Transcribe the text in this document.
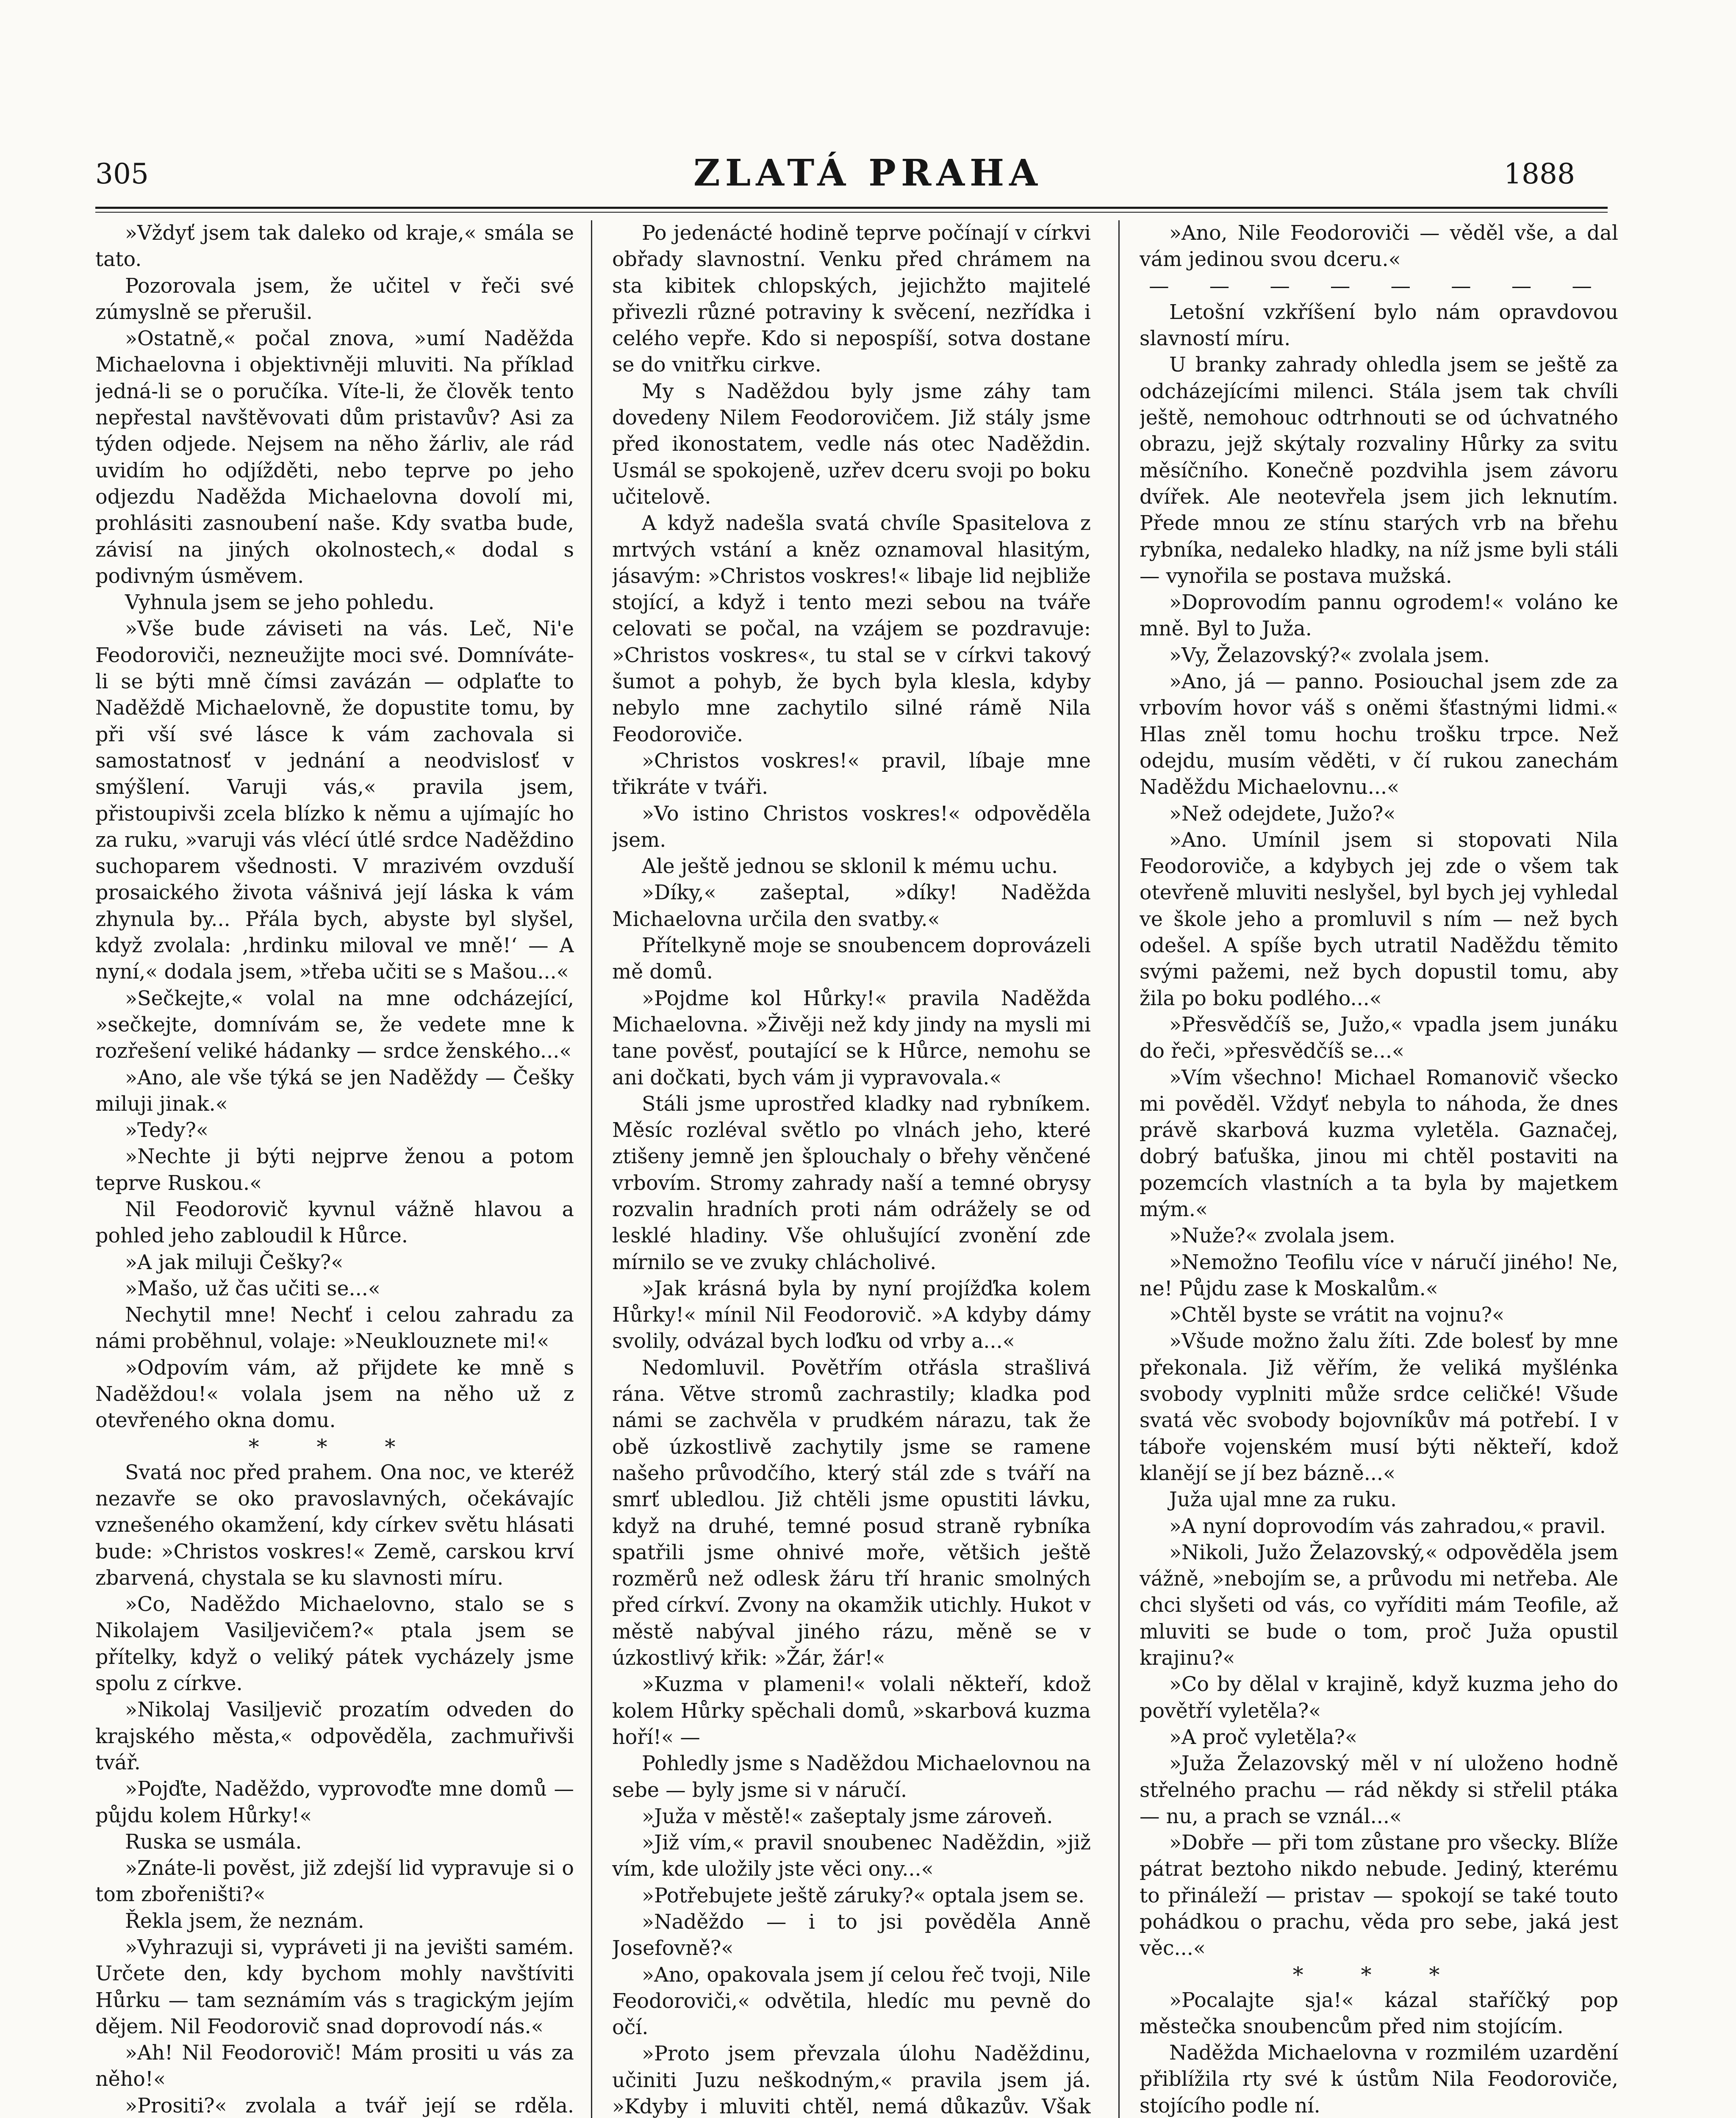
305	ZLATÁ PRAHA	1888

»Vždyť jsem tak daleko od kraje,« smála se tato.

Pozorovala jsem, že učitel v řeči své zúmyslně se přerušil.

»Ostatně,« počal znova, »umí Naděžda Michaelovna i objektivněji mluviti. Na příklad jedná-li se o poručíka. Víte-li, že člověk tento nepřestal navštěvovati dům pristavův? Asi za týden odjede. Nejsem na něho žárliv, ale rád uvidím ho odjížděti, nebo teprve po jeho odjezdu Naděžda Michaelovna dovolí mi, prohlásiti zasnoubení naše. Kdy svatba bude, závisí na jiných okolnostech,« dodal s podivným úsměvem.

Vyhnula jsem se jeho pohledu.

»Vše bude záviseti na vás. Leč, Ni'e Feodoroviči, nezneužijte moci své. Domníváte-li se býti mně čímsi zavázán — odplaťte to Naděždě Michaelovně, že dopustite tomu, by při vší své lásce k vám zachovala si samostatnosť v jednání a neodvislosť v smýšlení. Varuji vás,« pravila jsem, přistoupivši zcela blízko k němu a ujímajíc ho za ruku, »varuji vás vlécí útlé srdce Naděždino suchoparem všednosti. V mrazivém ovzduší prosaického života vášnivá její láska k vám zhynula by... Přála bych, abyste byl slyšel, když zvolala: ‚hrdinku miloval ve mně!‘ — A nyní,« dodala jsem, »třeba učiti se s Mašou...«

»Sečkejte,« volal na mne odcházející, »sečkejte, domnívám se, že vedete mne k rozřešení veliké hádanky — srdce ženského...«

»Ano, ale vše týká se jen Naděždy — Češky miluji jinak.«

»Tedy?«

»Nechte ji býti nejprve ženou a potom teprve Ruskou.«

Nil Feodorovič kyvnul vážně hlavou a pohled jeho zabloudil k Hůrce.

»A jak miluji Češky?«

»Mašo, už čas učiti se...«

Nechytil mne! Nechť i celou zahradu za námi proběhnul, volaje: »Neuklouznete mi!«

»Odpovím vám, až přijdete ke mně s Naděždou!« volala jsem na něho už z otevřeného okna domu.

* * *

Svatá noc před prahem. Ona noc, ve kteréž nezavře se oko pravoslavných, očekávajíc vznešeného okamžení, kdy církev světu hlásati bude: »Christos voskres!« Země, carskou krví zbarvená, chystala se ku slavnosti míru.

»Co, Naděždo Michaelovno, stalo se s Nikolajem Vasiljevičem?« ptala jsem se přítelky, když o veliký pátek vycházely jsme spolu z církve.

»Nikolaj Vasiljevič prozatím odveden do krajského města,« odpověděla, zachmuřivši tvář.

»Pojďte, Naděždo, vyprovoďte mne domů — půjdu kolem Hůrky!«

Ruska se usmála.

»Znáte-li pověst, již zdejší lid vypravuje si o tom zbořeništi?«

Řekla jsem, že neznám.

»Vyhrazuji si, vypráveti ji na jevišti samém. Určete den, kdy bychom mohly navštíviti Hůrku — tam seznámím vás s tragickým jejím dějem. Nil Feodorovič snad doprovodí nás.«

»Ah! Nil Feodorovič! Mám prositi u vás za něho!«

»Prositi?« zvolala a tvář její se rděla.

Po jedenácté hodině teprve počínají v církvi obřady slavnostní. Venku před chrámem na sta kibitek chlopských, jejichžto majitelé přivezli různé potraviny k svěcení, nezřídka i celého vepře. Kdo si nepospíší, sotva dostane se do vnitřku cirkve.

My s Naděždou byly jsme záhy tam dovedeny Nilem Feodorovičem. Již stály jsme před ikonostatem, vedle nás otec Naděždin. Usmál se spokojeně, uzřev dceru svoji po boku učitelově.

A když nadešla svatá chvíle Spasitelova z mrtvých vstání a kněz oznamoval hlasitým, jásavým: »Christos voskres!« libaje lid nejbliže stojící, a když i tento mezi sebou na tváře celovati se počal, na vzájem se pozdravuje: »Christos voskres«, tu stal se v církvi takový šumot a pohyb, že bych byla klesla, kdyby nebylo mne zachytilo silné rámě Nila Feodoroviče.

»Christos voskres!« pravil, líbaje mne třikráte v tváři.

»Vo istino Christos voskres!« odpověděla jsem.

Ale ještě jednou se sklonil k mému uchu.

»Díky,« zašeptal, »díky! Naděžda Michaelovna určila den svatby.«

Přítelkyně moje se snoubencem doprovázeli mě domů.

»Pojdme kol Hůrky!« pravila Naděžda Michaelovna. »Živěji než kdy jindy na mysli mi tane pověsť, poutající se k Hůrce, nemohu se ani dočkati, bych vám ji vypravovala.«

Stáli jsme uprostřed kladky nad rybníkem. Měsíc rozléval světlo po vlnách jeho, které ztišeny jemně jen šplouchaly o břehy věnčené vrbovím. Stromy zahrady naší a temné obrysy rozvalin hradních proti nám odrážely se od lesklé hladiny. Vše ohlušující zvonění zde mírnilo se ve zvuky chlácholivé.

»Jak krásná byla by nyní projížďka kolem Hůrky!« mínil Nil Feodorovič. »A kdyby dámy svolily, odvázal bych loďku od vrby a...«

Nedomluvil. Povětřím otřásla strašlivá rána. Větve stromů zachrastily; kladka pod námi se zachvěla v prudkém nárazu, tak že obě úzkostlivě zachytily jsme se ramene našeho průvodčího, který stál zde s tváří na smrť ubledlou. Již chtěli jsme opustiti lávku, když na druhé, temné posud straně rybníka spatřili jsme ohnivé moře, většich ještě rozměrů než odlesk žáru tří hranic smolných před církví. Zvony na okamžik utichly. Hukot v městě nabýval jiného rázu, měně se v úzkostlivý křik: »Žár, žár!«

»Kuzma v plameni!« volali někteří, kdož kolem Hůrky spěchali domů, »skarbová kuzma hoří!« —

Pohledly jsme s Naděždou Michaelovnou na sebe — byly jsme si v náručí.

»Juža v městě!« zašeptaly jsme zároveň.

»Již vím,« pravil snoubenec Naděždin, »již vím, kde uložily jste věci ony...«

»Potřebujete ještě záruky?« optala jsem se.

»Naděždo — i to jsi pověděla Anně Josefovně?«

»Ano, opakovala jsem jí celou řeč tvoji, Nile Feodoroviči,« odvětila, hledíc mu pevně do očí.

»Proto jsem převzala úlohu Naděždinu, učiniti Juzu neškodným,« pravila jsem já. »Kdyby i mluviti chtěl, nemá důkazův. Však

»Ano, Nile Feodoroviči — věděl vše, a dal vám jedinou svou dceru.«

— — — — — — — —

Letošní vzkříšení bylo nám opravdovou slavností míru.

U branky zahrady ohledla jsem se ještě za odcházejícími milenci. Stála jsem tak chvíli ještě, nemohouc odtrhnouti se od úchvatného obrazu, jejž skýtaly rozvaliny Hůrky za svitu měsíčního. Konečně pozdvihla jsem závoru dvířek. Ale neotevřela jsem jich leknutím. Přede mnou ze stínu starých vrb na břehu rybníka, nedaleko hladky, na níž jsme byli stáli — vynořila se postava mužská.

»Doprovodím pannu ogrodem!« voláno ke mně. Byl to Juža.

»Vy, Želazovský?« zvolala jsem.

»Ano, já — panno. Posiouchal jsem zde za vrbovím hovor váš s oněmi šťastnými lidmi.« Hlas zněl tomu hochu trošku trpce. Než odejdu, musím věděti, v čí rukou zanechám Naděždu Michaelovnu...«

»Než odejdete, Južo?«

»Ano. Umínil jsem si stopovati Nila Feodoroviče, a kdybych jej zde o všem tak otevřeně mluviti neslyšel, byl bych jej vyhledal ve škole jeho a promluvil s ním — než bych odešel. A spíše bych utratil Naděždu těmito svými pažemi, než bych dopustil tomu, aby žila po boku podlého...«

»Přesvědčíš se, Južo,« vpadla jsem junáku do řeči, »přesvědčíš se...«

»Vím všechno! Michael Romanovič všecko mi pověděl. Vždyť nebyla to náhoda, že dnes právě skarbová kuzma vyletěla. Gaznačej, dobrý baťuška, jinou mi chtěl postaviti na pozemcích vlastních a ta byla by majetkem mým.«

»Nuže?« zvolala jsem.

»Nemožno Teofilu více v náručí jiného! Ne, ne! Půjdu zase k Moskalům.«

»Chtěl byste se vrátit na vojnu?«

»Všude možno žalu žíti. Zde bolesť by mne překonala. Již věřím, že veliká myšlénka svobody vyplniti může srdce celičké! Všude svatá věc svobody bojovníkův má potřebí. I v táboře vojenském musí býti někteří, kdož klanějí se jí bez bázně...«

Juža ujal mne za ruku.

»A nyní doprovodím vás zahradou,« pravil.

»Nikoli, Južo Želazovský,« odpověděla jsem vážně, »nebojím se, a průvodu mi netřeba. Ale chci slyšeti od vás, co vyříditi mám Teofile, až mluviti se bude o tom, proč Juža opustil krajinu?«

»Co by dělal v krajině, když kuzma jeho do povětří vyletěla?«

»A proč vyletěla?«

»Juža Želazovský měl v ní uloženo hodně střelného prachu — rád někdy si střelil ptáka — nu, a prach se vznál...«

»Dobře — při tom zůstane pro všecky. Blíže pátrat beztoho nikdo nebude. Jediný, kterému to přináleží — pristav — spokojí se také touto pohádkou o prachu, věda pro sebe, jaká jest věc...«

* * *

»Pocalajte sja!« kázal staříčký pop městečka snoubencům před nim stojícím.

Naděžda Michaelovna v rozmilém uzardění přiblížila rty své k ústům Nila Feodoroviče, stojícího podle ní.
